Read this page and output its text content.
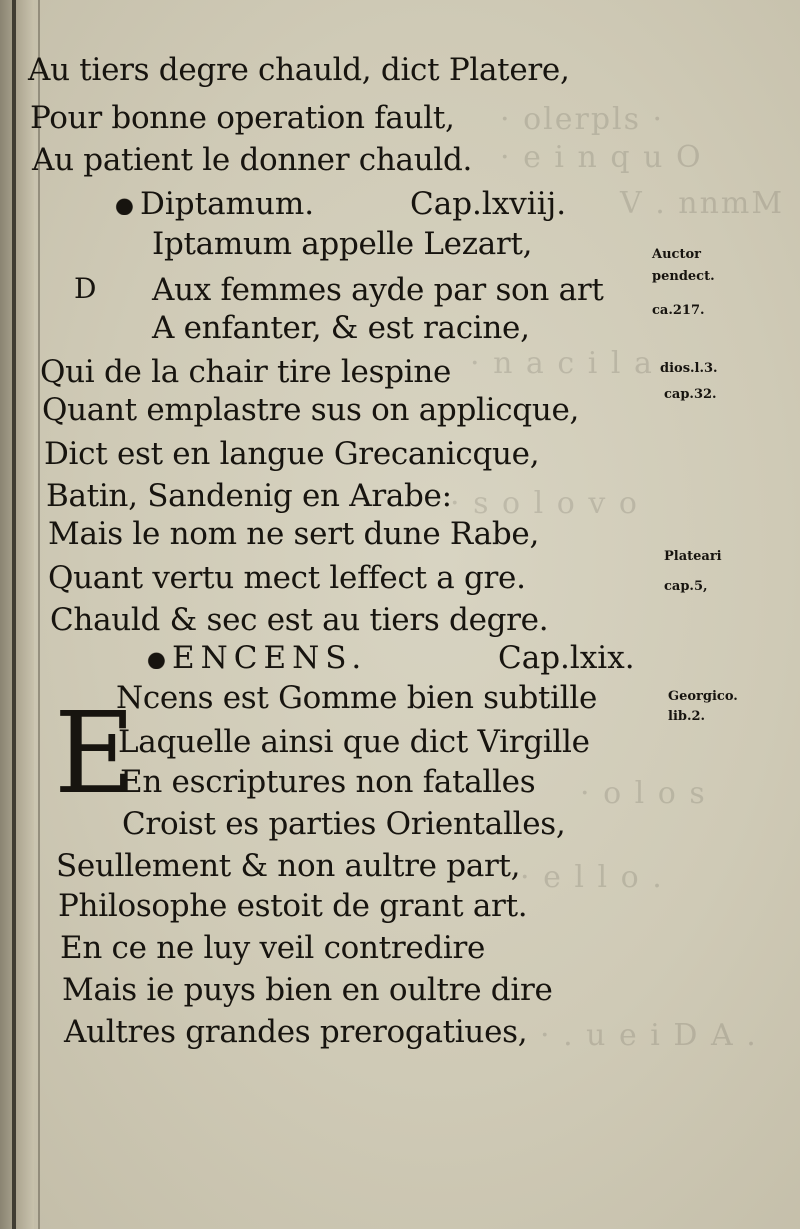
· olerpls ·
· e i n q u O
V . nnmM
· n a c i l a
· s o l o v o
· o l o s
· e l l o .
· . u e i D A .
Au tiers degre chauld, dict Platere,
Pour bonne operation fault,
Au patient le donner chauld.
Diptamum.	Cap.lxviij.
Iptamum appelle Lezart,
D Aux femmes ayde par son art
A enfanter, & est racine,
Qui de la chair tire lespine
Quant emplastre sus on applicque,
Dict est en langue Grecanicque,
Batin, Sandenig en Arabe:
Mais le nom ne sert dune Rabe,
Quant vertu mect leffect a gre.
Chauld & sec est au tiers degre.
ENCENS.	Cap.lxix.
E
Ncens est Gomme bien subtille
Laquelle ainsi que dict Virgille
En escriptures non fatalles
Croist es parties Orientalles,
Seullement & non aultre part,
Philosophe estoit de grant art.
En ce ne luy veil contredire
Mais ie puys bien en oultre dire
Aultres grandes prerogatiues,
Auctor
pendect.
ca.217.
dios.l.3.
cap.32.
Plateari
cap.5,
Georgico.
lib.2.
